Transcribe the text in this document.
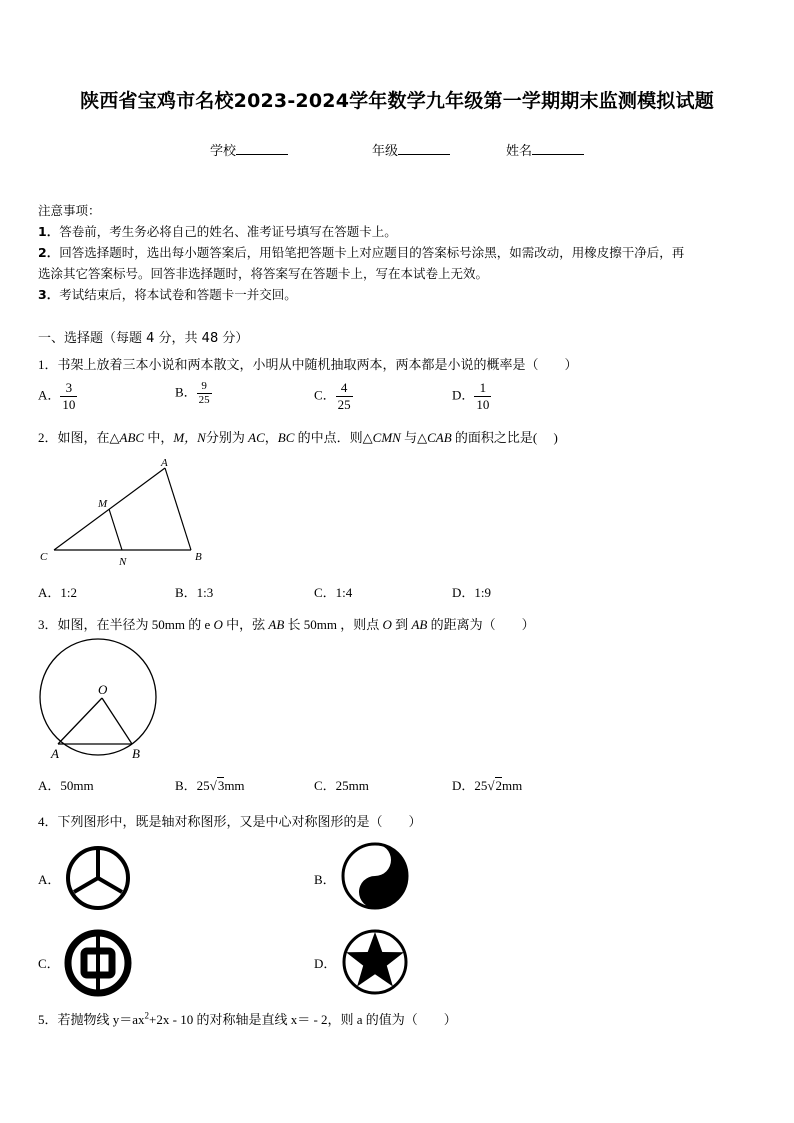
陕西省宝鸡市名校2023-2024学年数学九年级第一学期期末监测模拟试题
学校	年级	姓名
注意事项：
1．答卷前，考生务必将自己的姓名、准考证号填写在答题卡上。
2．回答选择题时，选出每小题答案后，用铅笔把答题卡上对应题目的答案标号涂黑，如需改动，用橡皮擦干净后，再
选涂其它答案标号。回答非选择题时，将答案写在答题卡上，写在本试卷上无效。
3．考试结束后，将本试卷和答题卡一并交回。
一、选择题（每题 4 分，共 48 分）
1．书架上放着三本小说和两本散文，小明从中随机抽取两本，两本都是小说的概率是（　　）
A． $\frac{3}{10}$	B． $\frac{9}{25}$	C． $\frac{4}{25}$	D． $\frac{1}{10}$
2．如图，在△ABC 中，M，N分别为 AC，BC 的中点．则△CMN 与△CAB 的面积之比是(　 )
A
B
C
M
N
A．1:2	B．1:3	C．1:4	D．1:9
3．如图，在半径为 50mm 的 e O 中，弦 AB 长 50mm ，则点 O 到 AB 的距离为（　　）
O
A	B
A．50mm	B．25√3mm	C．25mm	D．25√2mm
4．下列图形中，既是轴对称图形，又是中心对称图形的是（　　）
A．	B．
C．	D．
5．若抛物线 $y=ax^2+2x - 10$ 的对称轴是直线 x＝ - 2，则 a 的值为（　　）
